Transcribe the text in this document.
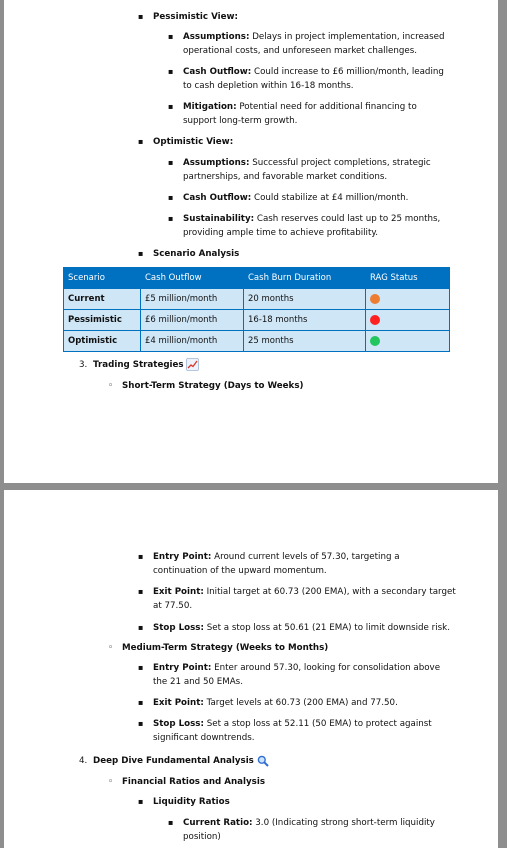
▪ Pessimistic View:
▪ Assumptions: Delays in project implementation, increased
operational costs, and unforeseen market challenges.
▪ Cash Outflow: Could increase to £6 million/month, leading
to cash depletion within 16-18 months.
▪ Mitigation: Potential need for additional financing to
support long-term growth.
▪ Optimistic View:
▪ Assumptions: Successful project completions, strategic
partnerships, and favorable market conditions.
▪ Cash Outflow: Could stabilize at £4 million/month.
▪ Sustainability: Cash reserves could last up to 25 months,
providing ample time to achieve profitability.
▪ Scenario Analysis
Scenario	Cash Outflow	Cash Burn Duration	RAG Status
Current	£5 million/month	20 months	
Pessimistic	£6 million/month	16-18 months	
Optimistic	£4 million/month	25 months	
3. Trading Strategies
◦ Short-Term Strategy (Days to Weeks)
▪ Entry Point: Around current levels of 57.30, targeting a
continuation of the upward momentum.
▪ Exit Point: Initial target at 60.73 (200 EMA), with a secondary target
at 77.50.
▪ Stop Loss: Set a stop loss at 50.61 (21 EMA) to limit downside risk.
◦ Medium-Term Strategy (Weeks to Months)
▪ Entry Point: Enter around 57.30, looking for consolidation above
the 21 and 50 EMAs.
▪ Exit Point: Target levels at 60.73 (200 EMA) and 77.50.
▪ Stop Loss: Set a stop loss at 52.11 (50 EMA) to protect against
significant downtrends.
4. Deep Dive Fundamental Analysis
◦ Financial Ratios and Analysis
▪ Liquidity Ratios
▪ Current Ratio: 3.0 (Indicating strong short-term liquidity
position)
